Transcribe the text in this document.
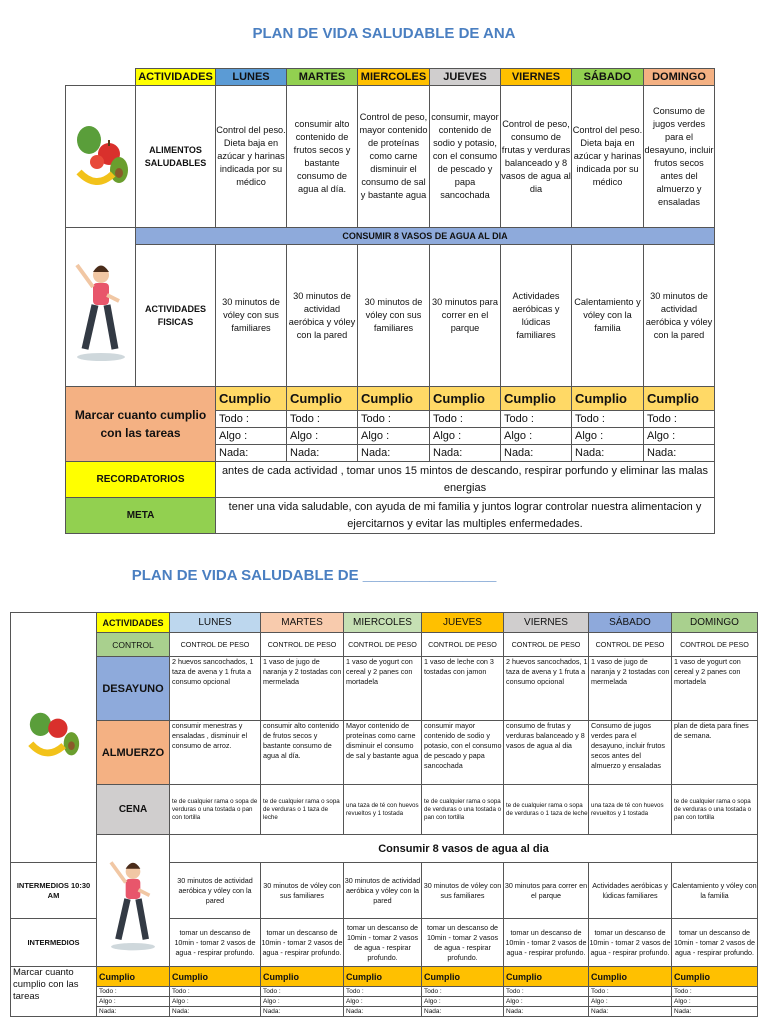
PLAN DE VIDA SALUDABLE DE ANA
	ACTIVIDADES	LUNES	MARTES	MIERCOLES	JUEVES	VIERNES	SÁBADO	DOMINGO
	ALIMENTOS SALUDABLES	Control del peso. Dieta baja en azúcar y harinas indicada por su médico	consumir alto contenido de frutos secos y bastante consumo de agua al día.	Control de peso, mayor contenido de proteínas como carne disminuir el consumo de sal y bastante agua	consumir, mayor contenido de sodio y potasio, con el consumo de pescado y papa sancochada	Control de peso, consumo de frutas y verduras balanceado y 8 vasos de agua al dia	Control del peso. Dieta baja en azúcar y harinas indicada por su médico	Consumo de jugos verdes para el desayuno, incluir frutos secos antes del almuerzo y ensaladas
	CONSUMIR 8 VASOS DE AGUA AL DIA							
	ACTIVIDADES FISICAS	30 minutos de vóley con sus familiares	30 minutos de actividad aeróbica y vóley con la pared	30 minutos de vóley con sus familiares	30 minutos para correr en el parque	Actividades aeróbicas y lúdicas familiares	Calentamiento y vóley con la familia	30 minutos de actividad aeróbica y vóley con la pared
Marcar cuanto cumplio con las tareas		Cumplio	Cumplio	Cumplio	Cumplio	Cumplio	Cumplio	Cumplio
		Todo :	Todo :	Todo :	Todo :	Todo :	Todo :	Todo :
		Algo :	Algo :	Algo :	Algo :	Algo :	Algo :	Algo :
		Nada:	Nada:	Nada:	Nada:	Nada:	Nada:	Nada:
RECORDATORIOS		antes de cada actividad , tomar unos 15 mintos de descando, respirar porfundo y eliminar las malas energias						
META		tener una vida saludable, con ayuda de mi familia y juntos lograr controlar nuestra alimentacion y ejercitarnos y evitar las multiples enfermedades.						
PLAN DE VIDA SALUDABLE DE ________________
	ACTIVIDADES	LUNES	MARTES	MIERCOLES	JUEVES	VIERNES	SÁBADO	DOMINGO
	CONTROL	CONTROL DE PESO	CONTROL DE PESO	CONTROL DE PESO	CONTROL DE PESO	CONTROL DE PESO	CONTROL DE PESO	CONTROL DE PESO
	DESAYUNO	2 huevos sancochados, 1 taza de avena y 1 fruta a consumo opcional	1 vaso de jugo de naranja y 2 tostadas con mermelada	1 vaso de yogurt con cereal y 2 panes con mortadela	1 vaso de leche con 3 tostadas con jamon	2 huevos sancochados, 1 taza de avena y 1 fruta a consumo opcional	1 vaso de jugo de naranja y 2 tostadas con mermelada	1 vaso de yogurt con cereal y 2 panes con mortadela
	ALMUERZO	consumir menestras y ensaladas , disminuir el consumo de arroz.	consumir alto contenido de frutos secos y bastante consumo de agua al día.	Mayor contenido de proteínas como carne disminuir el consumo de sal y bastante agua	consumir mayor contenido de sodio y potasio, con el consumo de pescado y papa sancochada	consumo de frutas y verduras balanceado y 8 vasos de agua al dia	Consumo de jugos verdes para el desayuno, incluir frutos secos antes del almuerzo y ensaladas	plan de dieta para fines de semana.
	CENA	te de cualquier rama o sopa de verduras o una tostada o pan con tortilla	te de cualquier rama o sopa de verduras o 1 taza de leche	una taza de té con huevos revueltos y 1 tostada	te de cualquier rama o sopa de verduras o una tostada o pan con tortilla	te de cualquier rama o sopa de verduras o 1 taza de leche	una taza de té con huevos revueltos y 1 tostada	te de cualquier rama o sopa de verduras o una tostada o pan con tortilla
	Consumir 8 vasos de agua al dia						
INTERMEDIOS 10:30 AM		30 minutos de actividad aeróbica y vóley con la pared	30 minutos de vóley con sus familiares	30 minutos de actividad aeróbica y vóley con la pared	30 minutos de vóley con sus familiares	30 minutos para correr en el parque	Actividades aeróbicas y lúdicas familiares	Calentamiento y vóley con la familia
INTERMEDIOS		tomar un descanso de 10min - tomar 2 vasos de agua - respirar profundo.	tomar un descanso de 10min - tomar 2 vasos de agua - respirar profundo.	tomar un descanso de 10min - tomar 2 vasos de agua - respirar profundo.	tomar un descanso de 10min - tomar 2 vasos de agua - respirar profundo.	tomar un descanso de 10min - tomar 2 vasos de agua - respirar profundo.	tomar un descanso de 10min - tomar 2 vasos de agua - respirar profundo.	tomar un descanso de 10min - tomar 2 vasos de agua - respirar profundo.
Marcar cuanto cumplio con las tareas	Cumplio	Cumplio	Cumplio	Cumplio	Cumplio	Cumplio	Cumplio	Cumplio
	Todo :	Todo :	Todo :	Todo :	Todo :	Todo :	Todo :	Todo :
	Algo :	Algo :	Algo :	Algo :	Algo :	Algo :	Algo :	Algo :
	Nada:	Nada:	Nada:	Nada:	Nada:	Nada:	Nada:	Nada:
